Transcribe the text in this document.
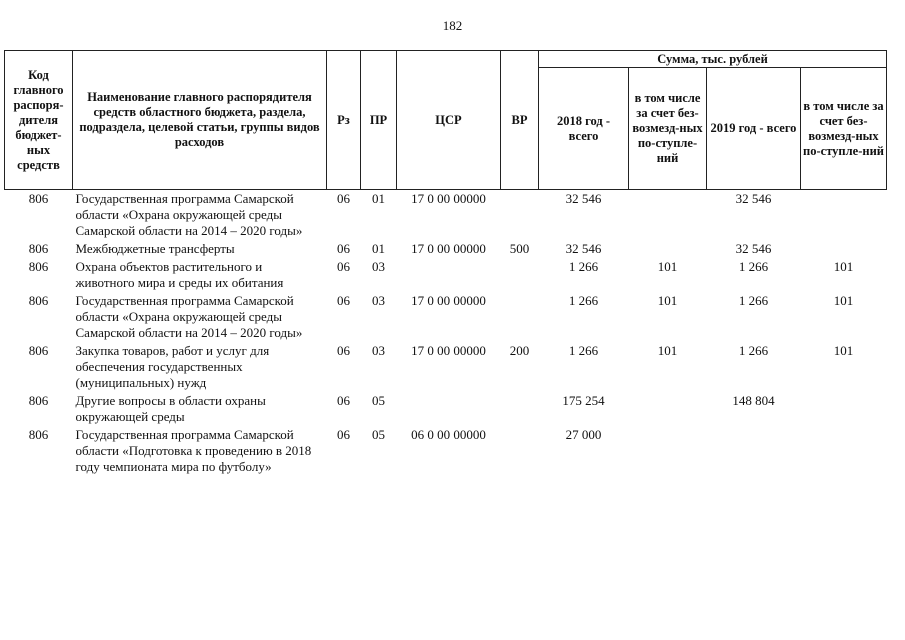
182
Код главного распоря-дителя бюджет-ных средств	Наименование главного распорядителя средств областного бюджета, раздела, подраздела, целевой статьи, группы видов расходов	Рз	ПР	ЦСР	ВР	Сумма, тыс. рублей			
						2018 год - всего	в том числе за счет без-возмезд-ных по-ступле-ний	2019 год - всего	в том числе за счет без-возмезд-ных по-ступле-ний
806	Государственная программа Самарской области «Охрана окружающей среды Самарской области на 2014 – 2020 годы»	06	01	17 0 00 00000		32 546		32 546	
806	Межбюджетные трансферты	06	01	17 0 00 00000	500	32 546		32 546	
806	Охрана объектов растительного и животного мира и среды их обитания	06	03			1 266	101	1 266	101
806	Государственная программа Самарской области «Охрана окружающей среды Самарской области на 2014 – 2020 годы»	06	03	17 0 00 00000		1 266	101	1 266	101
806	Закупка товаров, работ и услуг для обеспечения государственных (муниципальных) нужд	06	03	17 0 00 00000	200	1 266	101	1 266	101
806	Другие вопросы в области охраны окружающей среды	06	05			175 254		148 804	
806	Государственная программа Самарской области «Подготовка к проведению в 2018 году чемпионата мира по футболу»	06	05	06 0 00 00000		27 000			
